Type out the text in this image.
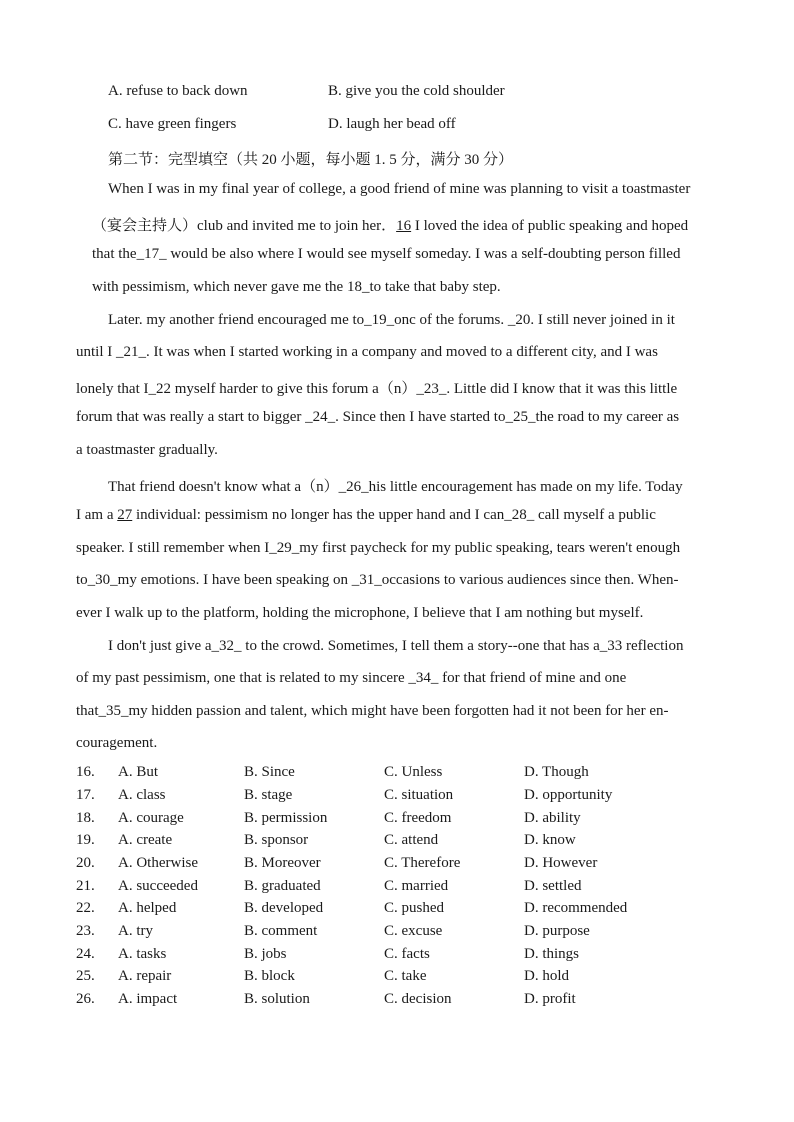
A. refuse to back down	B. give you the cold shoulder
C. have green fingers	D. laugh her bead off
第二节：完型填空（共 20 小题，每小题 1. 5 分，满分 30 分）
When I was in my final year of college, a good friend of mine was planning to visit a toastmaster
（宴会主持人）club and invited me to join her．16 I loved the idea of public speaking and hoped
that the_17_ would be also where I would see myself someday. I was a self-doubting person filled
with pessimism, which never gave me the 18_to take that baby step.
Later. my another friend encouraged me to_19_onc of the forums. _20. I still never joined in it
until I _21_. It was when I started working in a company and moved to a different city, and I was
lonely that I_22 myself harder to give this forum a（n）_23_. Little did I know that it was this little
forum that was really a start to bigger _24_. Since then I have started to_25_the road to my career as
a toastmaster gradually.
That friend doesn't know what a（n）_26_his little encouragement has made on my life. Today
I am a 27 individual: pessimism no longer has the upper hand and I can_28_ call myself a public
speaker. I still remember when I_29_my first paycheck for my public speaking, tears weren't enough
to_30_my emotions. I have been speaking on _31_occasions to various audiences since then. When-
ever I walk up to the platform, holding the microphone, I believe that I am nothing but myself.
I don't just give a_32_ to the crowd. Sometimes, I tell them a story--one that has a_33 reflection
of my past pessimism, one that is related to my sincere _34_ for that friend of mine and one
that_35_my hidden passion and talent, which might have been forgotten had it not been for her en-
couragement.
16. A. But	B. Since	C. Unless	D. Though
17. A. class	B. stage	C. situation	D. opportunity
18. A. courage	B. permission	C. freedom	D. ability
19. A. create	B. sponsor	C. attend	D. know
20. A. Otherwise	B. Moreover	C. Therefore	D. However
21. A. succeeded	B. graduated	C. married	D. settled
22. A. helped	B. developed	C. pushed	D. recommended
23. A. try	B. comment	C. excuse	D. purpose
24. A. tasks	B. jobs	C. facts	D. things
25. A. repair	B. block	C. take	D. hold
26. A. impact	B. solution	C. decision	D. profit
